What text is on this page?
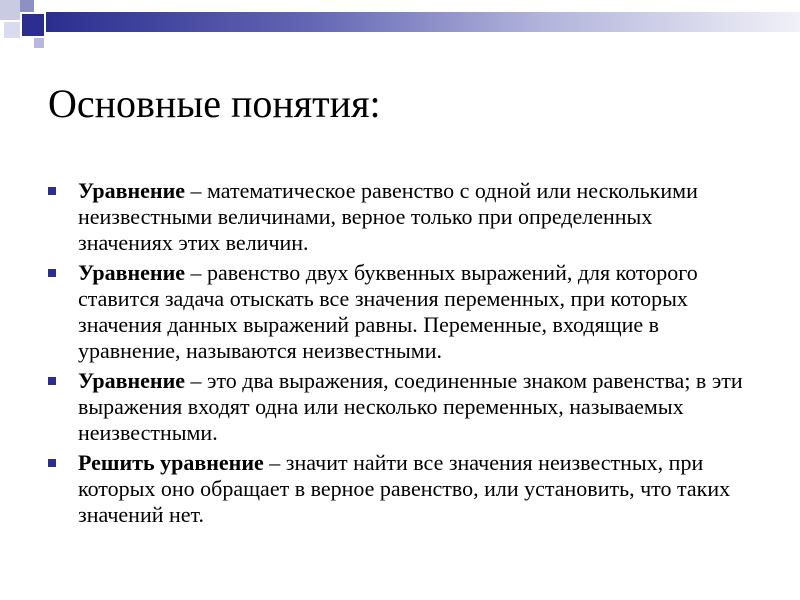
Основные понятия:
Уравнение – математическое равенство с одной или несколькими неизвестными величинами, верное только при определенных значениях этих величин.
Уравнение – равенство двух буквенных выражений, для которого ставится задача отыскать все значения переменных, при которых значения данных выражений равны. Переменные, входящие в уравнение, называются неизвестными.
Уравнение – это два выражения, соединенные знаком равенства; в эти выражения входят одна или несколько переменных, называемых неизвестными.
Решить уравнение – значит найти все значения неизвестных, при которых оно обращает в верное равенство, или установить, что таких значений нет.
